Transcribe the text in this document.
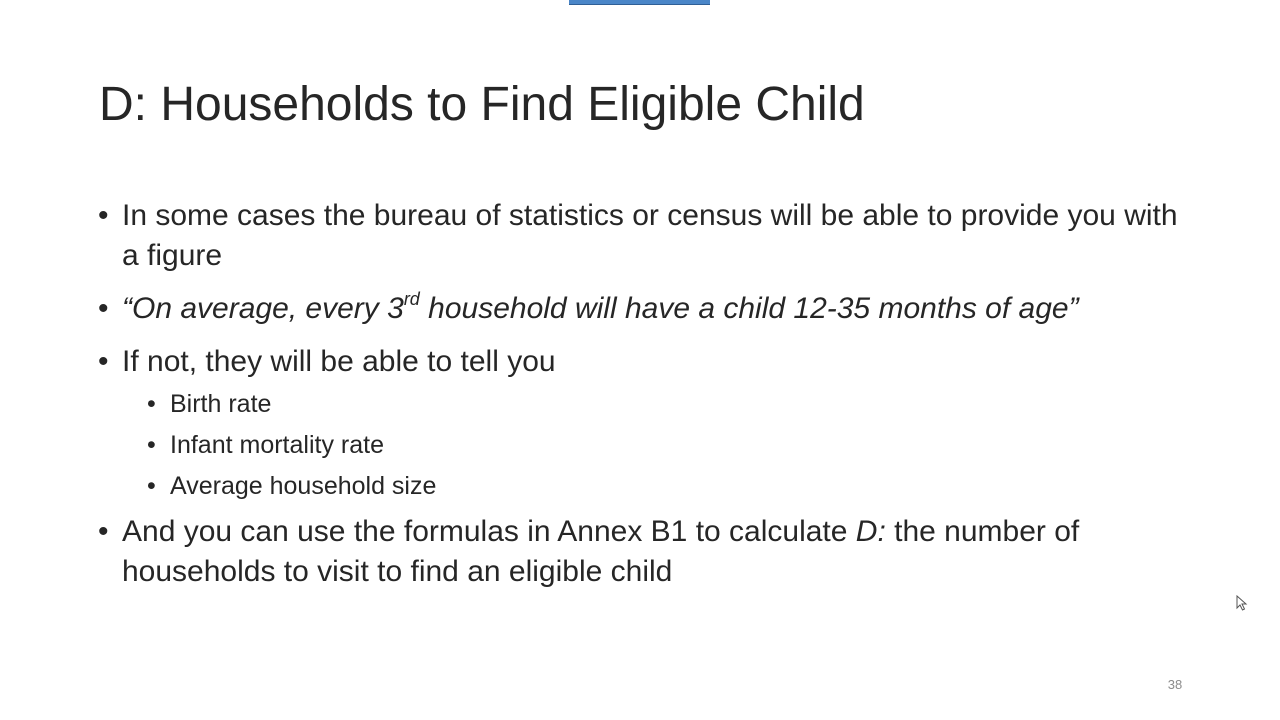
D: Households to Find Eligible Child
• In some cases the bureau of statistics or census will be able to provide you with a figure
• “On average, every 3rd household will have a child 12-35 months of age”
• If not, they will be able to tell you
• Birth rate
• Infant mortality rate
• Average household size
• And you can use the formulas in Annex B1 to calculate D: the number of households to visit to find an eligible child
38
